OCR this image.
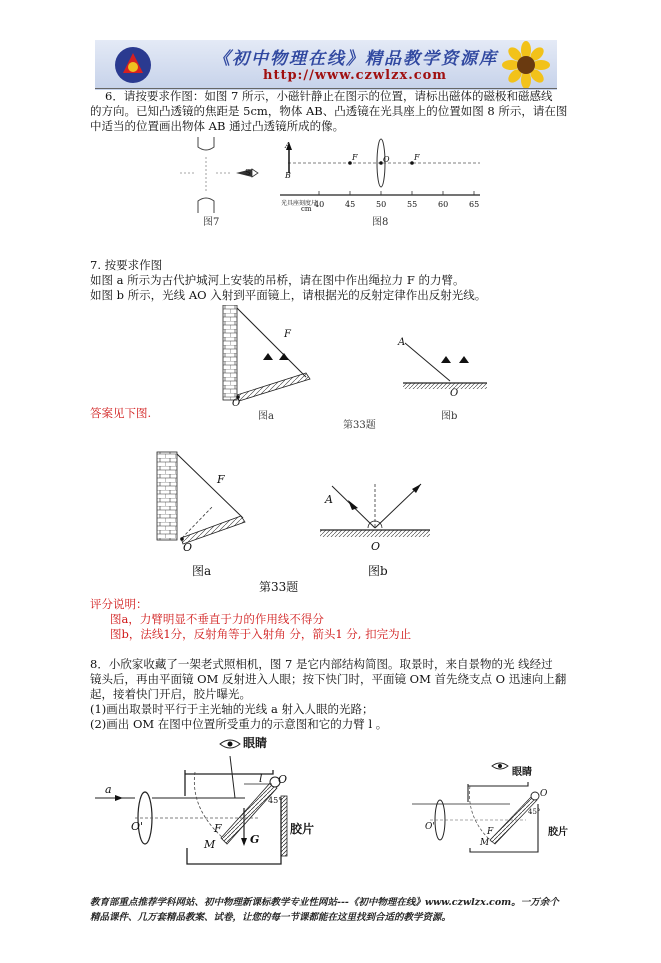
《初中物理在线》精品教学资源库
http://www.czwlzx.com
6．请按要求作图：如图 7 所示，小磁针静止在图示的位置，请标出磁体的磁极和磁感线
的方向。已知凸透镜的焦距是 5cm，物体 AB、凸透镜在光具座上的位置如图 8 所示，请在图
中适当的位置画出物体 AB 通过凸透镜所成的像。
S
图7
A
B
F	O	F
光具座刻度尺
cm 40	45	50	55	60	65
图8
7. 按要求作图
如图 a 所示为古代护城河上安装的吊桥，请在图中作出绳拉力 F 的力臂。
如图 b 所示，光线 AO 入射到平面镜上，请根据光的反射定律作出反射光线。
F
O
图a
A
O
图b
答案见下图.
第33题
F
O
图a
A
O
图b
第33题
评分说明：
图a，力臂明显不垂直于力的作用线不得分
图b，法线1分，反射角等于入射角 分，箭头1 分, 扣完为止
8．小欣家收藏了一架老式照相机，图 7 是它内部结构简图。取景时，来自景物的光 线经过
镜头后，再由平面镜 OM 反射进入人眼；按下快门时，平面镜 OM 首先绕支点 O 迅速向上翻
起，接着快门开启，胶片曝光。
(1)画出取景时平行于主光轴的光线 a 射入人眼的光路；
(2)画出 OM 在图中位置所受重力的示意图和它的力臂 l 。
眼睛
胶片
a
O'
l O
45°
F
M	G
眼睛
胶片
O'	F
M
O
45°
教育部重点推荐学科网站、初中物理新课标教学专业性网站---《初中物理在线》www.czwlzx.com。一万余个
精品课件、几万套精品教案、试卷，让您的每一节课都能在这里找到合适的教学资源。
